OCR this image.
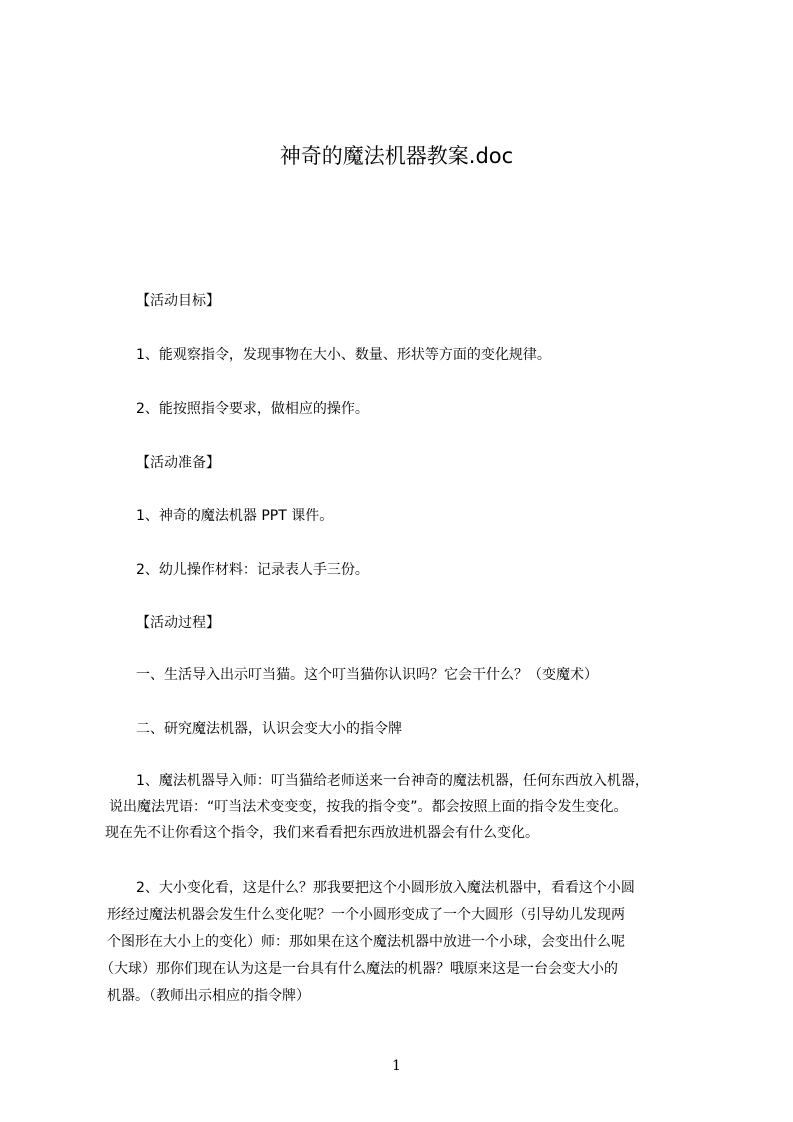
神奇的魔法机器教案.doc
【活动目标】
1、能观察指令，发现事物在大小、数量、形状等方面的变化规律。
2、能按照指令要求，做相应的操作。
【活动准备】
1、神奇的魔法机器 PPT 课件。
2、幼儿操作材料：记录表人手三份。
【活动过程】
一、生活导入出示叮当猫。这个叮当猫你认识吗？它会干什么？（变魔术）
二、研究魔法机器，认识会变大小的指令牌
1、魔法机器导入师：叮当猫给老师送来一台神奇的魔法机器，任何东西放入机器，
说出魔法咒语：“叮当法术变变变，按我的指令变”。都会按照上面的指令发生变化。
现在先不让你看这个指令，我们来看看把东西放进机器会有什么变化。
2、大小变化看，这是什么？那我要把这个小圆形放入魔法机器中，看看这个小圆
形经过魔法机器会发生什么变化呢？一个小圆形变成了一个大圆形（引导幼儿发现两
个图形在大小上的变化）师：那如果在这个魔法机器中放进一个小球，会变出什么呢
（大球）那你们现在认为这是一台具有什么魔法的机器？哦原来这是一台会变大小的
机器。（教师出示相应的指令牌）
1
